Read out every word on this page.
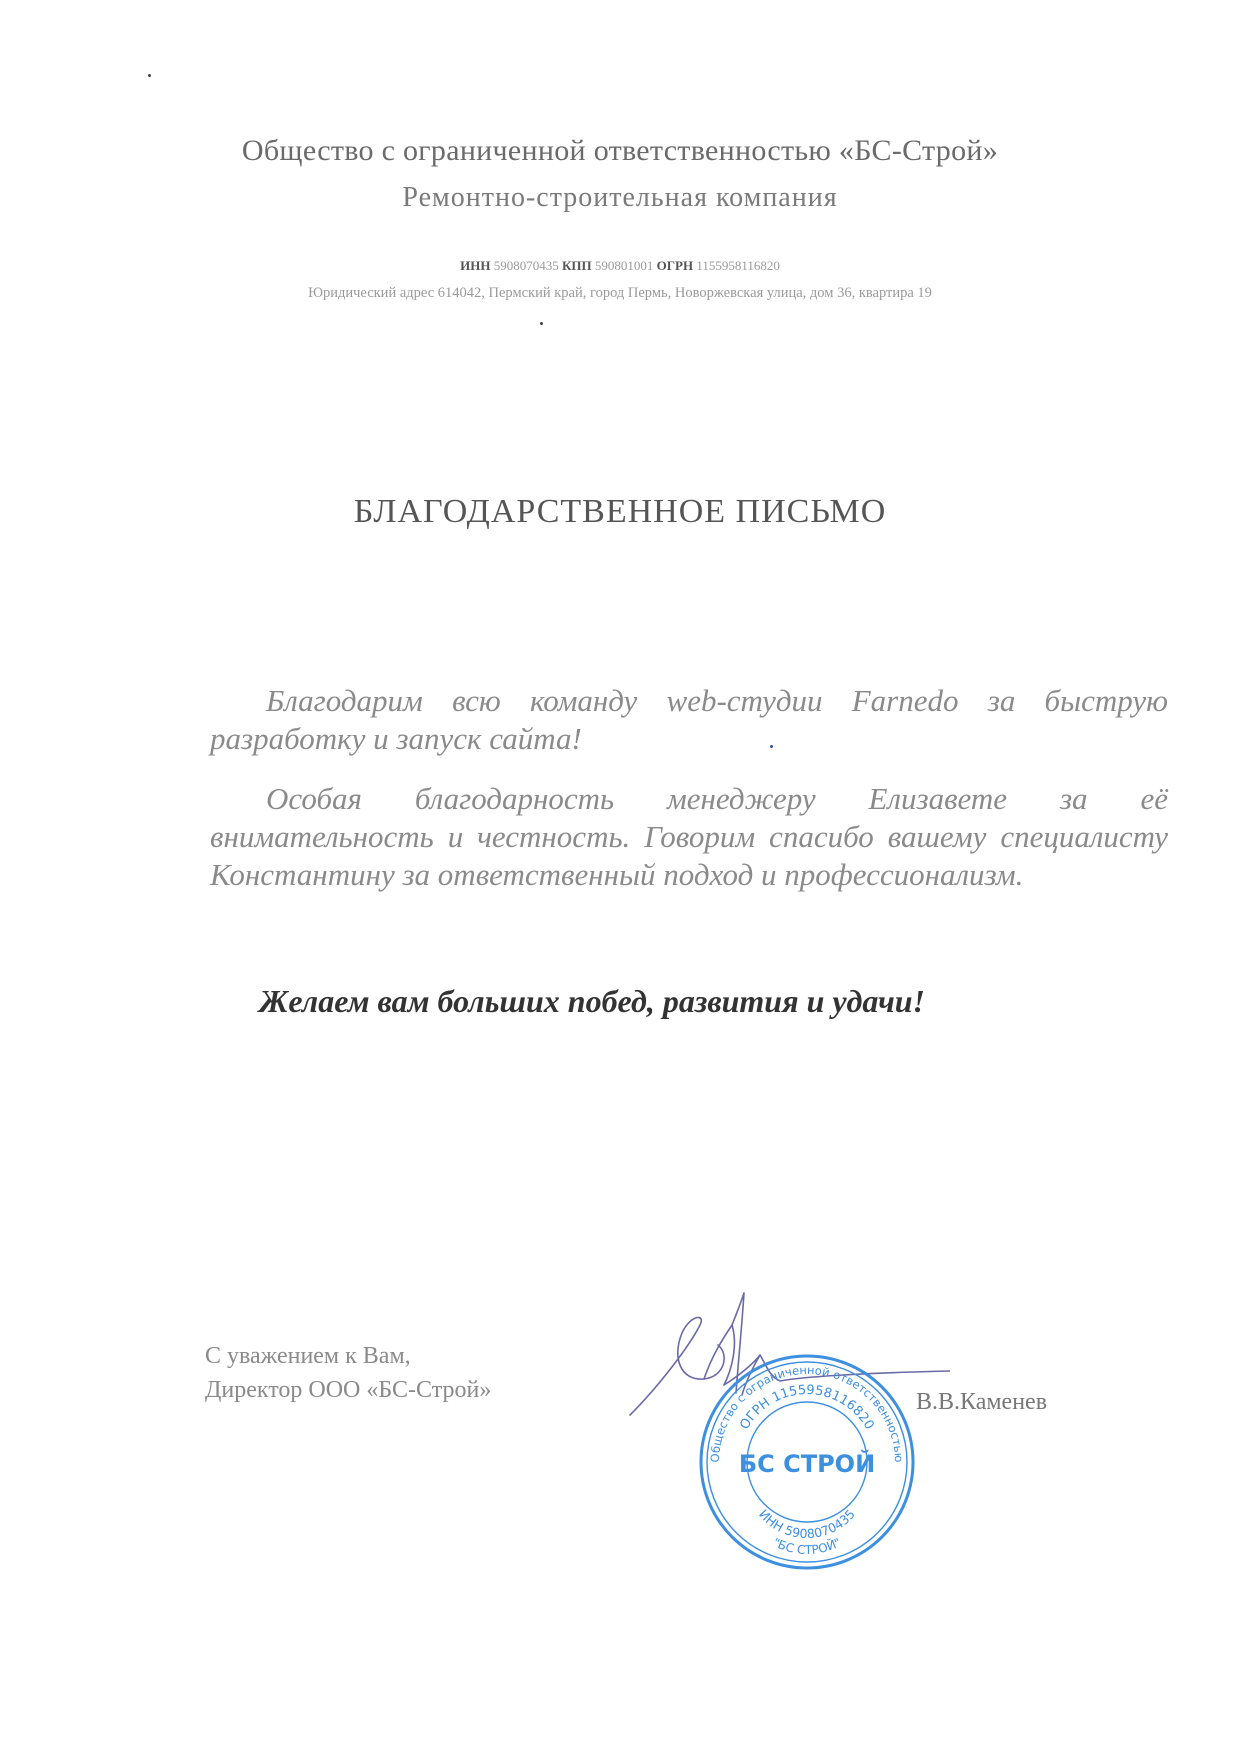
Общество с ограниченной ответственностью «БС-Строй»
Ремонтно-строительная компания
ИНН 5908070435 КПП 590801001 ОГРН 1155958116820
Юридический адрес 614042, Пермский край, город Пермь, Новоржевская улица, дом 36, квартира 19
БЛАГОДАРСТВЕННОЕ ПИСЬМО

Благодарим всю команду web-студии Farnedo за быструю разработку и запуск сайта!

Особая благодарность менеджеру Елизавете за её внимательность и честность. Говорим спасибо вашему специалисту Константину за ответственный подход и профессионализм.

Желаем вам больших побед, развития и удачи!

С уважением к Вам,

Директор ООО «БС-Строй»	В.В.Каменев

Общество с ограниченной ответственностью
ОГРН 1155958116820
БС СТРОЙ
ИНН 5908070435
"БС СТРОЙ"
